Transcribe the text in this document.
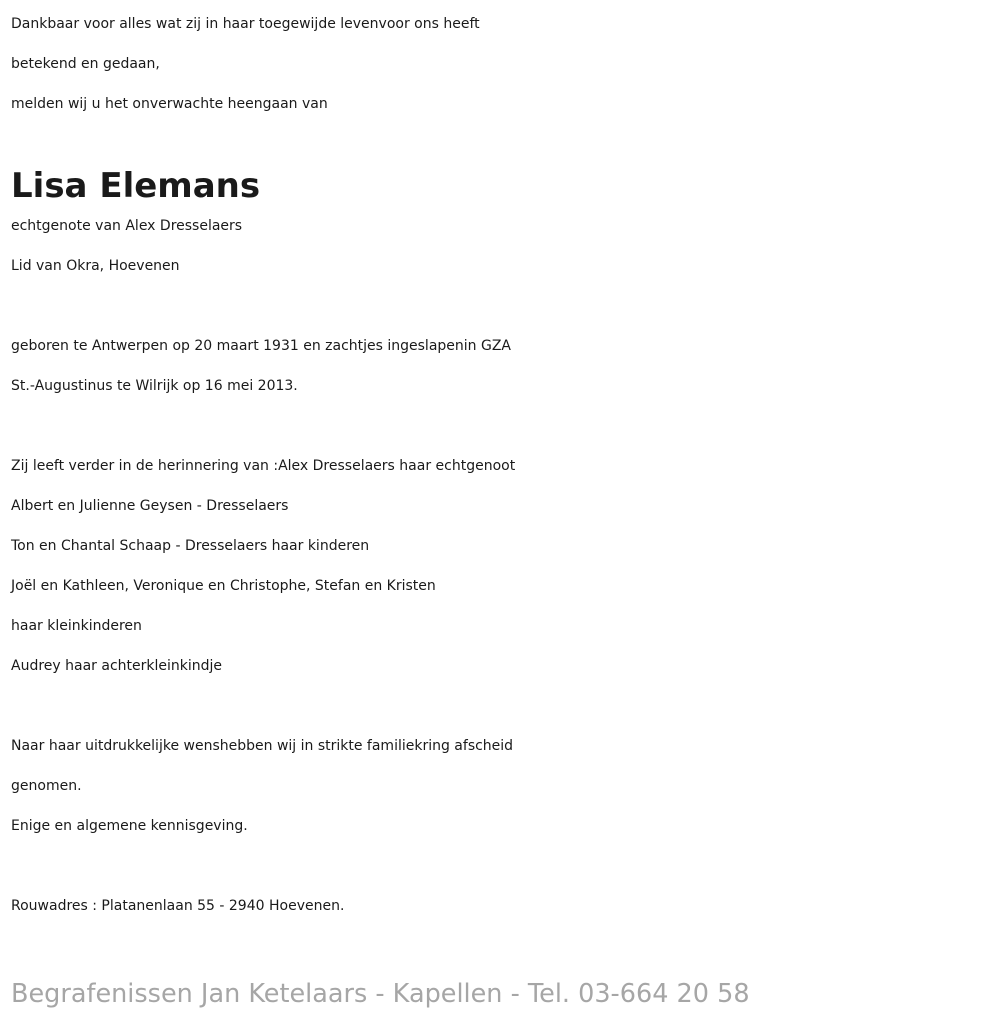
Dankbaar voor alles wat zij in haar toegewijde levenvoor ons heeft

betekend en gedaan,

melden wij u het onverwachte heengaan van

Lisa Elemans

echtgenote van Alex Dresselaers

Lid van Okra, Hoevenen

geboren te Antwerpen op 20 maart 1931 en zachtjes ingeslapenin GZA

St.-Augustinus te Wilrijk op 16 mei 2013.

Zij leeft verder in de herinnering van :Alex Dresselaers haar echtgenoot

Albert en Julienne Geysen - Dresselaers

Ton en Chantal Schaap - Dresselaers haar kinderen

Joël en Kathleen, Veronique en Christophe, Stefan en Kristen

haar kleinkinderen

Audrey haar achterkleinkindje

Naar haar uitdrukkelijke wenshebben wij in strikte familiekring afscheid

genomen.

Enige en algemene kennisgeving.

Rouwadres : Platanenlaan 55 - 2940 Hoevenen.

Begrafenissen Jan Ketelaars - Kapellen - Tel. 03-664 20 58
